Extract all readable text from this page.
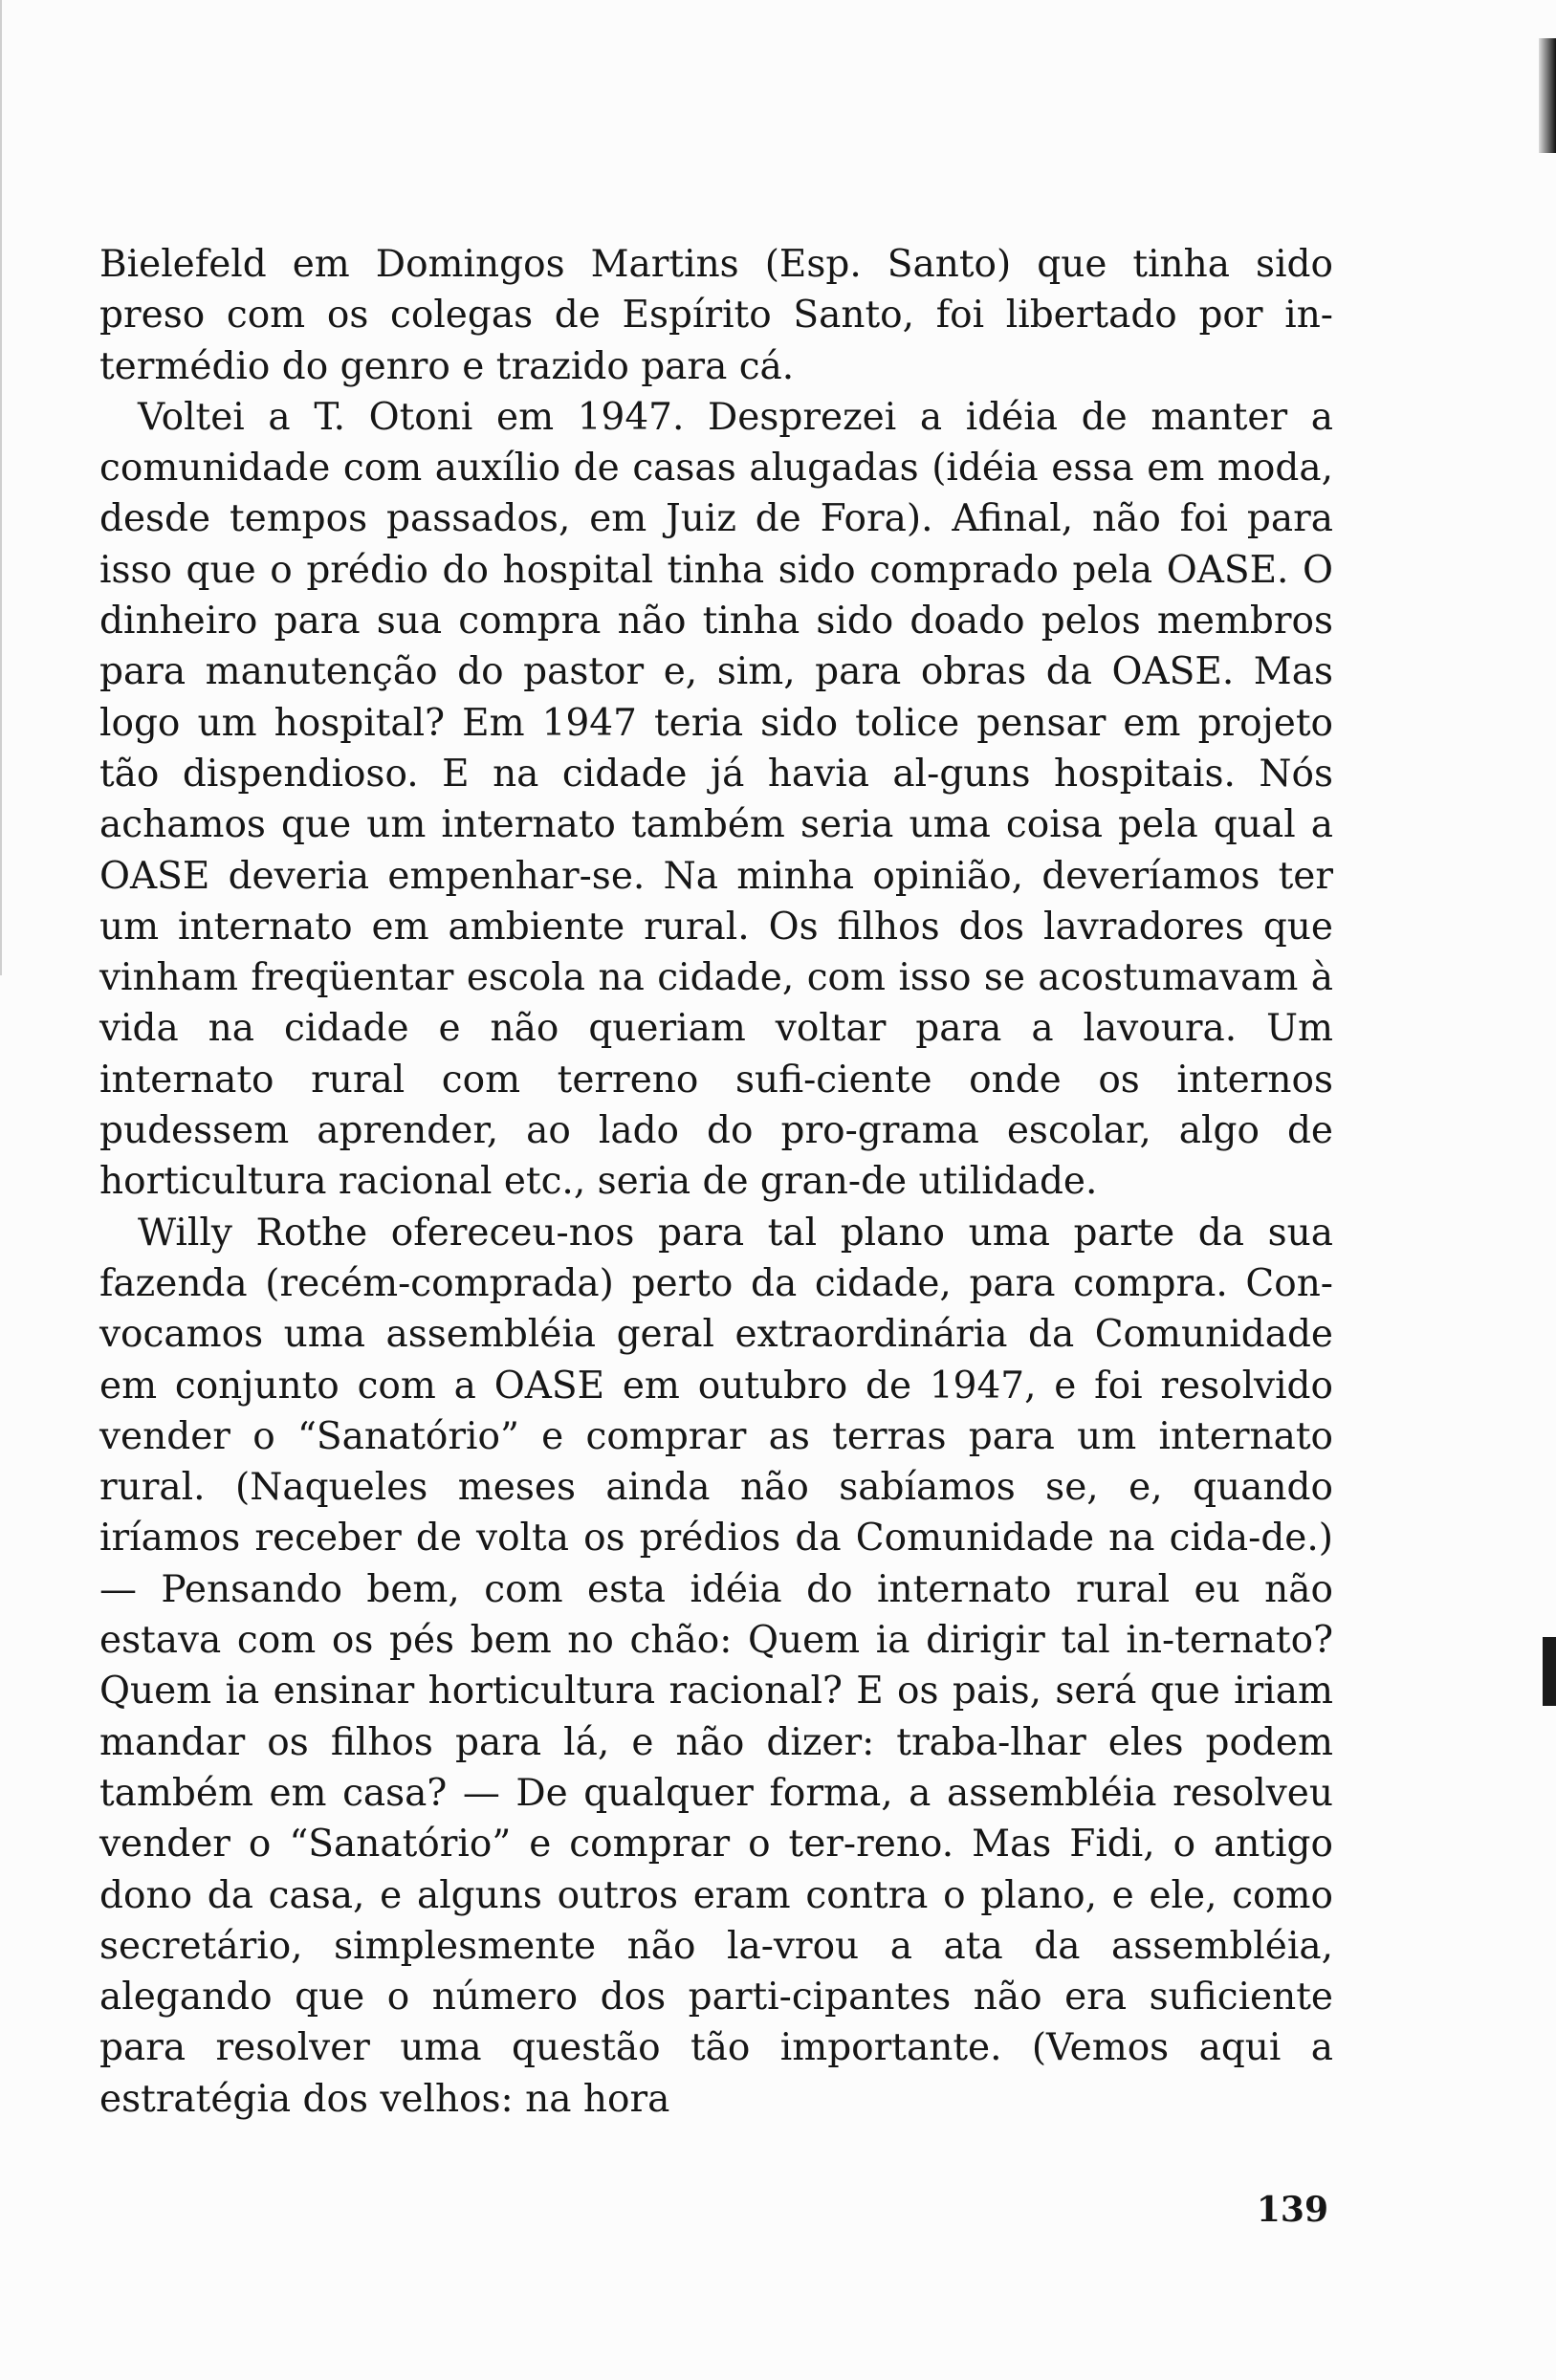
Bielefeld em Domingos Martins (Esp. Santo) que tinha sido preso com os colegas de Espírito Santo, foi libertado por in-termédio do genro e trazido para cá.

Voltei a T. Otoni em 1947. Desprezei a idéia de manter a comunidade com auxílio de casas alugadas (idéia essa em moda, desde tempos passados, em Juiz de Fora). Afinal, não foi para isso que o prédio do hospital tinha sido comprado pela OASE. O dinheiro para sua compra não tinha sido doado pelos membros para manutenção do pastor e, sim, para obras da OASE. Mas logo um hospital? Em 1947 teria sido tolice pensar em projeto tão dispendioso. E na cidade já havia al-guns hospitais. Nós achamos que um internato também seria uma coisa pela qual a OASE deveria empenhar-se. Na minha opinião, deveríamos ter um internato em ambiente rural. Os filhos dos lavradores que vinham freqüentar escola na cidade, com isso se acostumavam à vida na cidade e não queriam voltar para a lavoura. Um internato rural com terreno sufi-ciente onde os internos pudessem aprender, ao lado do pro-grama escolar, algo de horticultura racional etc., seria de gran-de utilidade.

Willy Rothe ofereceu-nos para tal plano uma parte da sua fazenda (recém-comprada) perto da cidade, para compra. Con-vocamos uma assembléia geral extraordinária da Comunidade em conjunto com a OASE em outubro de 1947, e foi resolvido vender o “Sanatório” e comprar as terras para um internato rural. (Naqueles meses ainda não sabíamos se, e, quando iríamos receber de volta os prédios da Comunidade na cida-de.) — Pensando bem, com esta idéia do internato rural eu não estava com os pés bem no chão: Quem ia dirigir tal in-ternato? Quem ia ensinar horticultura racional? E os pais, será que iriam mandar os filhos para lá, e não dizer: traba-lhar eles podem também em casa? — De qualquer forma, a assembléia resolveu vender o “Sanatório” e comprar o ter-reno. Mas Fidi, o antigo dono da casa, e alguns outros eram contra o plano, e ele, como secretário, simplesmente não la-vrou a ata da assembléia, alegando que o número dos parti-cipantes não era suficiente para resolver uma questão tão importante. (Vemos aqui a estratégia dos velhos: na hora

139
